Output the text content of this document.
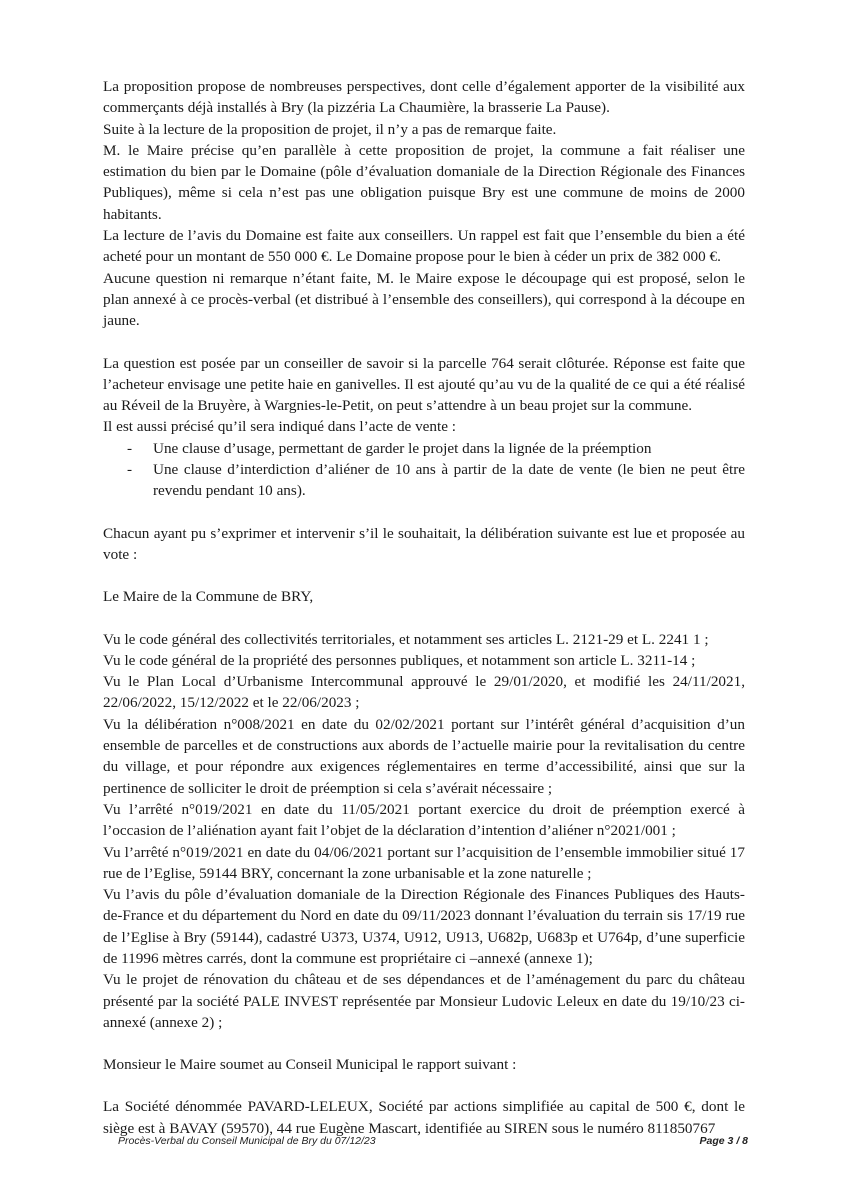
La proposition propose de nombreuses perspectives, dont celle d’également apporter de la visibilité aux commerçants déjà installés à Bry (la pizzéria La Chaumière, la brasserie La Pause).

Suite à la lecture de la proposition de projet, il n’y a pas de remarque faite.

M. le Maire précise qu’en parallèle à cette proposition de projet, la commune a fait réaliser une estimation du bien par le Domaine (pôle d’évaluation domaniale de la Direction Régionale des Finances Publiques), même si cela n’est pas une obligation puisque Bry est une commune de moins de 2000 habitants.

La lecture de l’avis du Domaine est faite aux conseillers. Un rappel est fait que l’ensemble du bien a été acheté pour un montant de 550 000 €. Le Domaine propose pour le bien à céder un prix de 382 000 €.

Aucune question ni remarque n’étant faite, M. le Maire expose le découpage qui est proposé, selon le plan annexé à ce procès-verbal (et distribué à l’ensemble des conseillers), qui correspond à la découpe en jaune.

La question est posée par un conseiller de savoir si la parcelle 764 serait clôturée. Réponse est faite que l’acheteur envisage une petite haie en ganivelles. Il est ajouté qu’au vu de la qualité de ce qui a été réalisé au Réveil de la Bruyère, à Wargnies-le-Petit, on peut s’attendre à un beau projet sur la commune.

Il est aussi précisé qu’il sera indiqué dans l’acte de vente :

- Une clause d’usage, permettant de garder le projet dans la lignée de la préemption
- Une clause d’interdiction d’aliéner de 10 ans à partir de la date de vente (le bien ne peut être revendu pendant 10 ans).

Chacun ayant pu s’exprimer et intervenir s’il le souhaitait, la délibération suivante est lue et proposée au vote :

Le Maire de la Commune de BRY,

Vu le code général des collectivités territoriales, et notamment ses articles L. 2121-29 et L. 2241 1 ;

Vu le code général de la propriété des personnes publiques, et notamment son article L. 3211-14 ;

Vu le Plan Local d’Urbanisme Intercommunal approuvé le 29/01/2020, et modifié les 24/11/2021, 22/06/2022, 15/12/2022 et le 22/06/2023 ;

Vu la délibération n°008/2021 en date du 02/02/2021 portant sur l’intérêt général d’acquisition d’un ensemble de parcelles et de constructions aux abords de l’actuelle mairie pour la revitalisation du centre du village, et pour répondre aux exigences réglementaires en terme d’accessibilité, ainsi que sur la pertinence de solliciter le droit de préemption si cela s’avérait nécessaire ;

Vu l’arrêté n°019/2021 en date du 11/05/2021 portant exercice du droit de préemption exercé à l’occasion de l’aliénation ayant fait l’objet de la déclaration d’intention d’aliéner n°2021/001 ;

Vu l’arrêté n°019/2021 en date du 04/06/2021 portant sur l’acquisition de l’ensemble immobilier situé 17 rue de l’Eglise, 59144 BRY, concernant la zone urbanisable et la zone naturelle ;

Vu l’avis du pôle d’évaluation domaniale de la Direction Régionale des Finances Publiques des Hauts-de-France et du département du Nord en date du 09/11/2023 donnant l’évaluation du terrain sis 17/19 rue de l’Eglise à Bry (59144), cadastré U373, U374, U912, U913, U682p, U683p et U764p, d’une superficie de 11996 mètres carrés, dont la commune est propriétaire ci –annexé (annexe 1);

Vu le projet de rénovation du château et de ses dépendances et de l’aménagement du parc du château présenté par la société PALE INVEST représentée par Monsieur Ludovic Leleux en date du 19/10/23 ci-annexé (annexe 2) ;

Monsieur le Maire soumet au Conseil Municipal le rapport suivant :

La Société dénommée PAVARD-LELEUX, Société par actions simplifiée au capital de 500 €, dont le siège est à BAVAY (59570), 44 rue Eugène Mascart, identifiée au SIREN sous le numéro 811850767

Procès-Verbal du Conseil Municipal de Bry du 07/12/23	Page 3 / 8
